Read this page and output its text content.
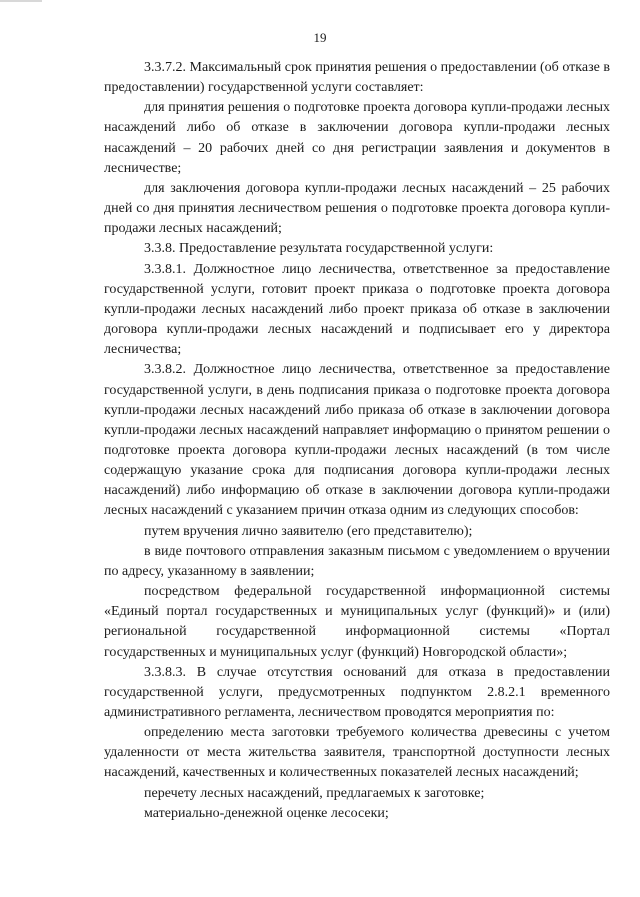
19

3.3.7.2. Максимальный срок принятия решения о предоставлении (об отказе в предоставлении) государственной услуги составляет:

для принятия решения о подготовке проекта договора купли-продажи лесных насаждений либо об отказе в заключении договора купли-продажи лесных насаждений – 20 рабочих дней со дня регистрации заявления и документов в лесничестве;

для заключения договора купли-продажи лесных насаждений – 25 рабочих дней со дня принятия лесничеством решения о подготовке проекта договора купли-продажи лесных насаждений;

3.3.8. Предоставление результата государственной услуги:

3.3.8.1. Должностное лицо лесничества, ответственное за предоставление государственной услуги, готовит проект приказа о подготовке проекта договора купли-продажи лесных насаждений либо проект приказа об отказе в заключении договора купли-продажи лесных насаждений и подписывает его у директора лесничества;

3.3.8.2. Должностное лицо лесничества, ответственное за предоставление государственной услуги, в день подписания приказа о подготовке проекта договора купли-продажи лесных насаждений либо приказа об отказе в заключении договора купли-продажи лесных насаждений направляет информацию о принятом решении о подготовке проекта договора купли-продажи лесных насаждений (в том числе содержащую указание срока для подписания договора купли-продажи лесных насаждений) либо информацию об отказе в заключении договора купли-продажи лесных насаждений с указанием причин отказа одним из следующих способов:

путем вручения лично заявителю (его представителю);

в виде почтового отправления заказным письмом с уведомлением о вручении по адресу, указанному в заявлении;

посредством федеральной государственной информационной системы «Единый портал государственных и муниципальных услуг (функций)» и (или) региональной государственной информационной системы «Портал государственных и муниципальных услуг (функций) Новгородской области»;

3.3.8.3. В случае отсутствия оснований для отказа в предоставлении государственной услуги, предусмотренных подпунктом 2.8.2.1 временного административного регламента, лесничеством проводятся мероприятия по:

определению места заготовки требуемого количества древесины с учетом удаленности от места жительства заявителя, транспортной доступности лесных насаждений, качественных и количественных показателей лесных насаждений;

перечету лесных насаждений, предлагаемых к заготовке;

материально-денежной оценке лесосеки;
